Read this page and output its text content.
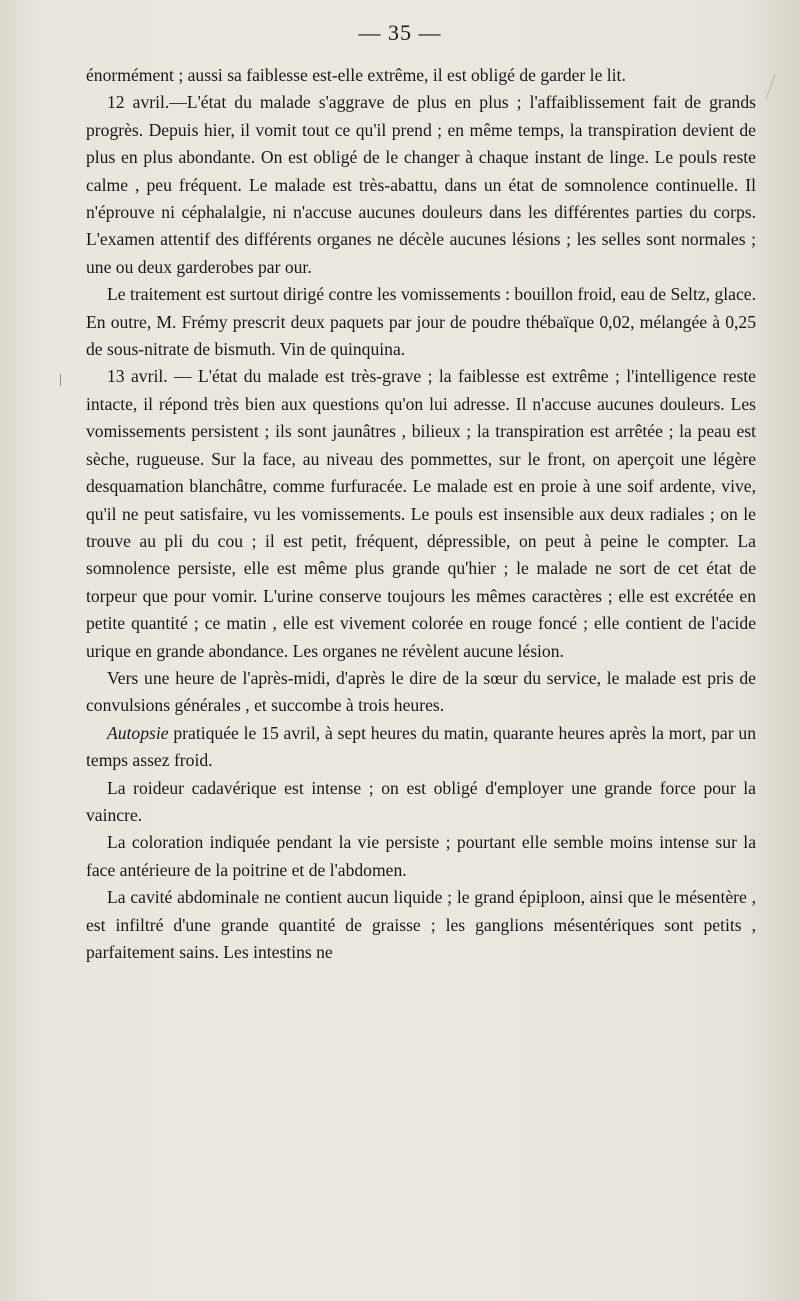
— 35 —

énormément ; aussi sa faiblesse est-elle extrême, il est obligé de garder le lit.

12 avril.—L'état du malade s'aggrave de plus en plus ; l'affaiblissement fait de grands progrès. Depuis hier, il vomit tout ce qu'il prend ; en même temps, la transpiration devient de plus en plus abondante. On est obligé de le changer à chaque instant de linge. Le pouls reste calme , peu fréquent. Le malade est très-abattu, dans un état de somnolence continuelle. Il n'éprouve ni céphalalgie, ni n'accuse aucunes douleurs dans les différentes parties du corps. L'examen attentif des différents organes ne décèle aucunes lésions ; les selles sont normales ; une ou deux garderobes par our.

Le traitement est surtout dirigé contre les vomissements : bouillon froid, eau de Seltz, glace. En outre, M. Frémy prescrit deux paquets par jour de poudre thébaïque 0,02, mélangée à 0,25 de sous-nitrate de bismuth. Vin de quinquina.

13 avril. — L'état du malade est très-grave ; la faiblesse est extrême ; l'intelligence reste intacte, il répond très bien aux questions qu'on lui adresse. Il n'accuse aucunes douleurs. Les vomissements persistent ; ils sont jaunâtres , bilieux ; la transpiration est arrêtée ; la peau est sèche, rugueuse. Sur la face, au niveau des pommettes, sur le front, on aperçoit une légère desquamation blanchâtre, comme furfuracée. Le malade est en proie à une soif ardente, vive, qu'il ne peut satisfaire, vu les vomissements. Le pouls est insensible aux deux radiales ; on le trouve au pli du cou ; il est petit, fréquent, dépressible, on peut à peine le compter. La somnolence persiste, elle est même plus grande qu'hier ; le malade ne sort de cet état de torpeur que pour vomir. L'urine conserve toujours les mêmes caractères ; elle est excrétée en petite quantité ; ce matin , elle est vivement colorée en rouge foncé ; elle contient de l'acide urique en grande abondance. Les organes ne révèlent aucune lésion.

Vers une heure de l'après-midi, d'après le dire de la sœur du service, le malade est pris de convulsions générales , et succombe à trois heures.

Autopsie pratiquée le 15 avril, à sept heures du matin, quarante heures après la mort, par un temps assez froid.

La roideur cadavérique est intense ; on est obligé d'employer une grande force pour la vaincre.

La coloration indiquée pendant la vie persiste ; pourtant elle semble moins intense sur la face antérieure de la poitrine et de l'abdomen.

La cavité abdominale ne contient aucun liquide ; le grand épiploon, ainsi que le mésentère , est infiltré d'une grande quantité de graisse ; les ganglions mésentériques sont petits , parfaitement sains. Les intestins ne
